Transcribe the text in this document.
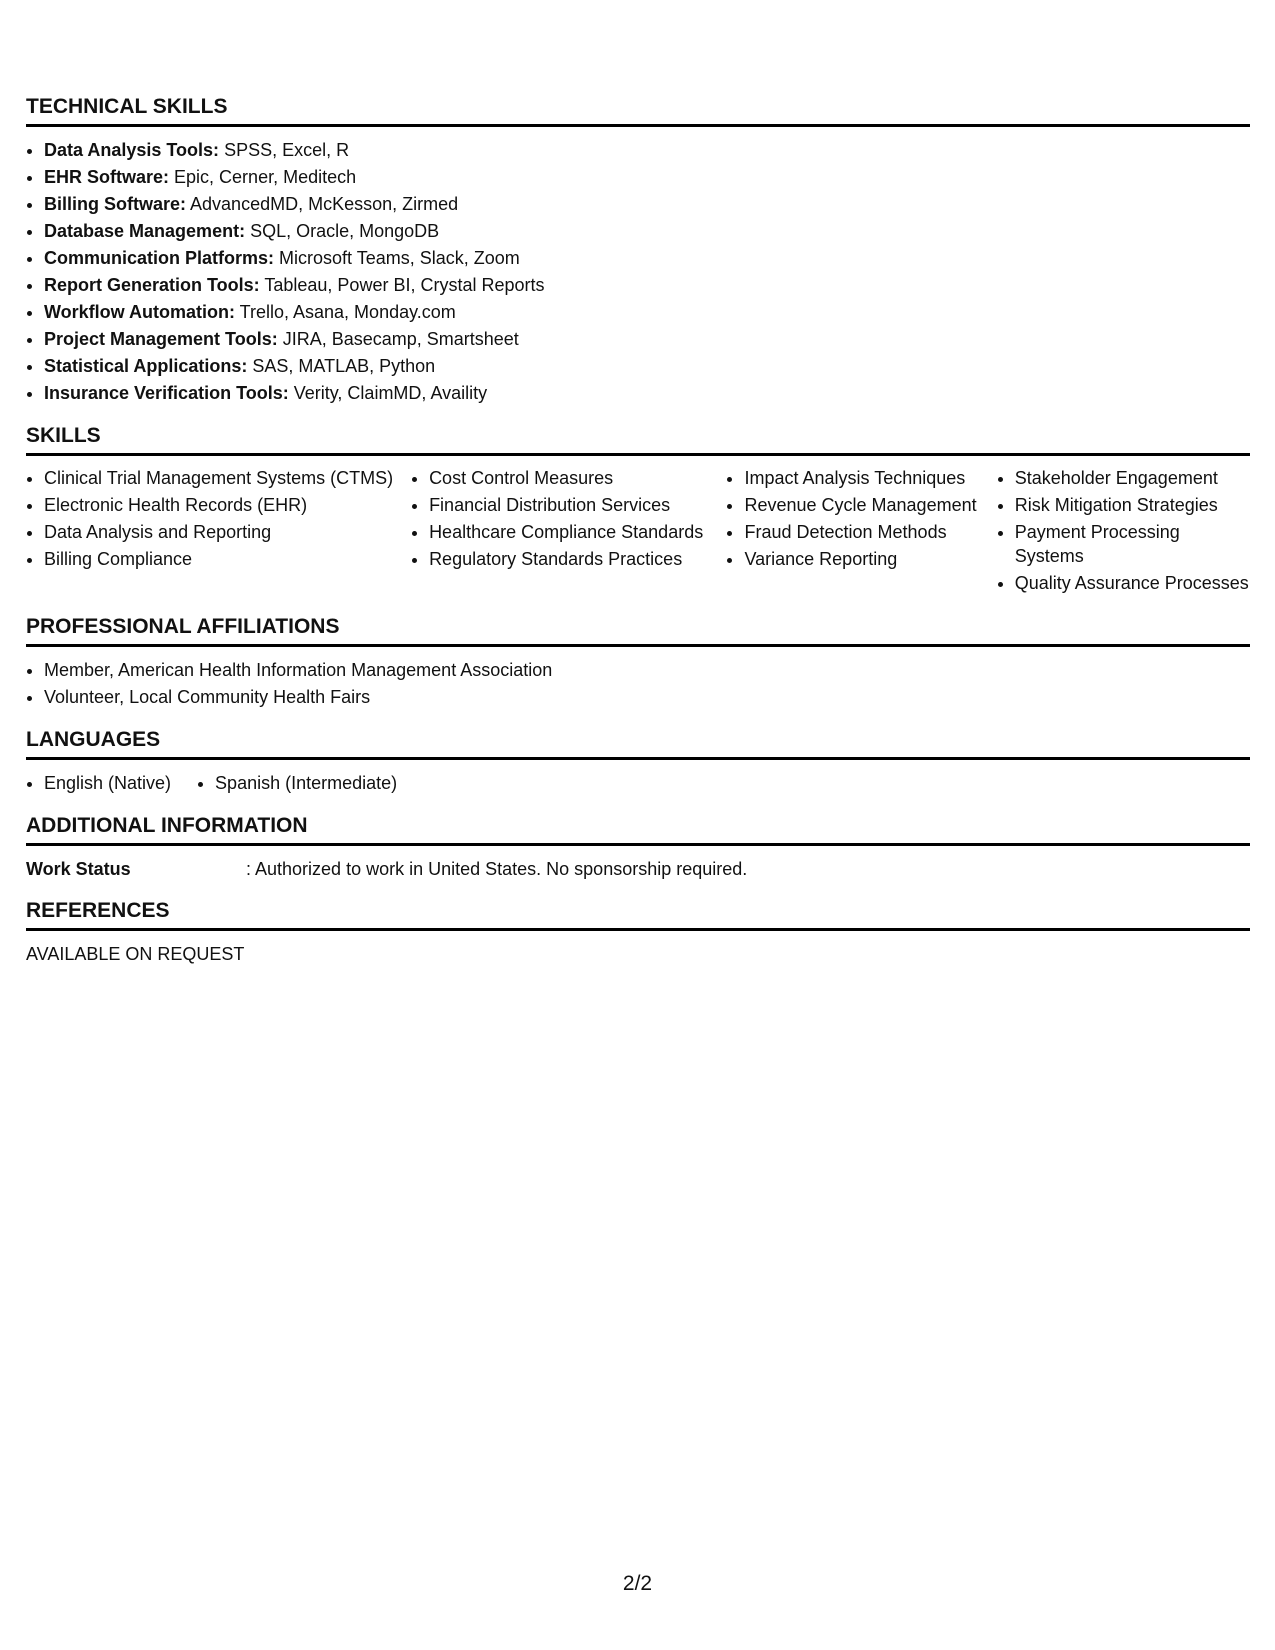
TECHNICAL SKILLS
• Data Analysis Tools: SPSS, Excel, R
• EHR Software: Epic, Cerner, Meditech
• Billing Software: AdvancedMD, McKesson, Zirmed
• Database Management: SQL, Oracle, MongoDB
• Communication Platforms: Microsoft Teams, Slack, Zoom
• Report Generation Tools: Tableau, Power BI, Crystal Reports
• Workflow Automation: Trello, Asana, Monday.com
• Project Management Tools: JIRA, Basecamp, Smartsheet
• Statistical Applications: SAS, MATLAB, Python
• Insurance Verification Tools: Verity, ClaimMD, Availity
SKILLS
• Clinical Trial Management Systems (CTMS)
• Electronic Health Records (EHR)
• Data Analysis and Reporting
• Billing Compliance
• Cost Control Measures
• Financial Distribution Services
• Healthcare Compliance Standards
• Regulatory Standards Practices
• Impact Analysis Techniques
• Revenue Cycle Management
• Fraud Detection Methods
• Variance Reporting
• Stakeholder Engagement
• Risk Mitigation Strategies
• Payment Processing Systems
• Quality Assurance Processes
PROFESSIONAL AFFILIATIONS
• Member, American Health Information Management Association
• Volunteer, Local Community Health Fairs
LANGUAGES
• English (Native)
• Spanish (Intermediate)
ADDITIONAL INFORMATION
Work Status	: Authorized to work in United States. No sponsorship required.
REFERENCES
AVAILABLE ON REQUEST
2/2
